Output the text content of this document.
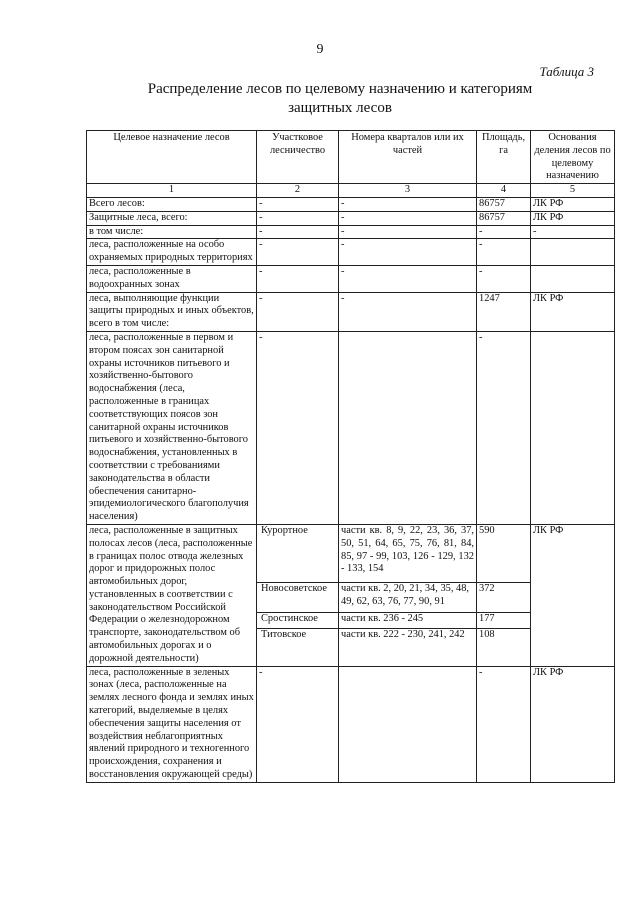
9
Таблица 3
Распределение лесов по целевому назначению и категориям
защитных лесов
Целевое назначение лесов	Участковое лесничество	Номера кварталов или их частей	Площадь, га	Основания деления лесов по целевому назначению
1	2	3	4	5
Всего лесов:	-	-	86757	ЛК РФ
Защитные леса, всего:	-	-	86757	ЛК РФ
в том числе:	-	-	-	-
леса, расположенные на особо охраняемых природных территориях	-	-	-	
леса, расположенные в водоохранных зонах	-	-	-	
леса, выполняющие функции защиты природных и иных объектов, всего в том числе:	-	-	1247	ЛК РФ
леса, расположенные в первом и втором поясах зон санитарной охраны источников питьевого и хозяйственно-бытового водоснабжения (леса, расположенные в границах соответствующих поясов зон санитарной охраны источников питьевого и хозяйственно-бытового водоснабжения, установленных в соответствии с требованиями законодательства в области обеспечения санитарно-эпидемиологического благополучия населения)	-		-	
леса, расположенные в защитных полосах лесов (леса, расположенные в границах полос отвода железных дорог и придорожных полос автомобильных дорог, установленных в соответствии с законодательством Российской Федерации о железнодорожном транспорте, законодательством об автомобильных дорогах и о дорожной деятельности)	Курортное	части кв. 8, 9, 22, 23, 36, 37, 50, 51, 64, 65, 75, 76, 81, 84, 85, 97 - 99, 103, 126 - 129, 132 - 133, 154	590	ЛК РФ
	Новосоветское	части кв. 2, 20, 21, 34, 35, 48, 49, 62, 63, 76, 77, 90, 91	372	
	Сростинское	части кв. 236 - 245	177	
	Титовское	части кв. 222 - 230, 241, 242	108	
леса, расположенные в зеленых зонах (леса, расположенные на землях лесного фонда и землях иных категорий, выделяемые в целях обеспечения защиты населения от воздействия неблагоприятных явлений природного и техногенного происхождения, сохранения и восстановления окружающей среды)	-		-	ЛК РФ
